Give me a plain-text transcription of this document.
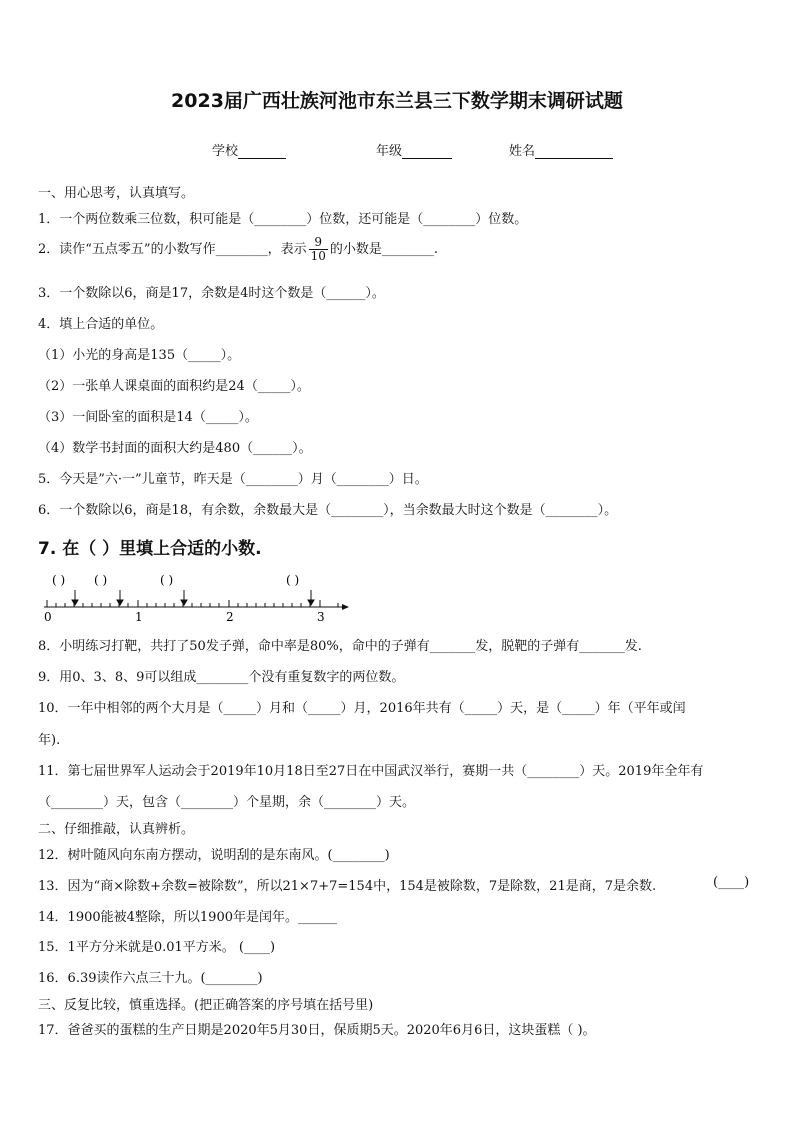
2023届广西壮族河池市东兰县三下数学期末调研试题
学校	年级	姓名
一、用心思考，认真填写。
1．一个两位数乘三位数，积可能是（________）位数，还可能是（________）位数。
2．读作“五点零五”的小数写作________，表示 $\frac{9}{10}$ 的小数是________.
3．一个数除以6，商是17，余数是4时这个数是（______）。
4．填上合适的单位。
（1）小光的身高是135（_____）。
（2）一张单人课桌面的面积约是24（_____）。
（3）一间卧室的面积是14（_____）。
（4）数学书封面的面积大约是480（______）。
5．今天是”六·一”儿童节，昨天是（________）月（________）日。
6．一个数除以6，商是18，有余数，余数最大是（________），当余数最大时这个数是（________）。
7. 在（ ）里填上合适的小数.
( ) ( )	( )	( )
0	1	2	3
8．小明练习打靶，共打了50发子弹，命中率是80%，命中的子弹有_______发，脱靶的子弹有_______发.
9．用0、3、8、9可以组成________个没有重复数字的两位数。
10．一年中相邻的两个大月是（_____）月和（_____）月，2016年共有（_____）天，是（_____）年（平年或闰
年).
11．第七届世界军人运动会于2019年10月18日至27日在中国武汉举行，赛期一共（________）天。2019年全年有
（________）天，包含（________）个星期，余（________）天。
二、仔细推敲，认真辨析。
12．树叶随风向东南方摆动，说明刮的是东南风。(________)
13．因为“商×除数+余数=被除数”，所以21×7+7=154中，154是被除数，7是除数，21是商，7是余数.	(____)
14．1900能被4整除，所以1900年是闰年。______
15．1平方分米就是0.01平方米。 (____)
16．6.39读作六点三十九。(________)
三、反复比较，慎重选择。(把正确答案的序号填在括号里)
17．爸爸买的蛋糕的生产日期是2020年5月30日，保质期5天。2020年6月6日，这块蛋糕（ )。
